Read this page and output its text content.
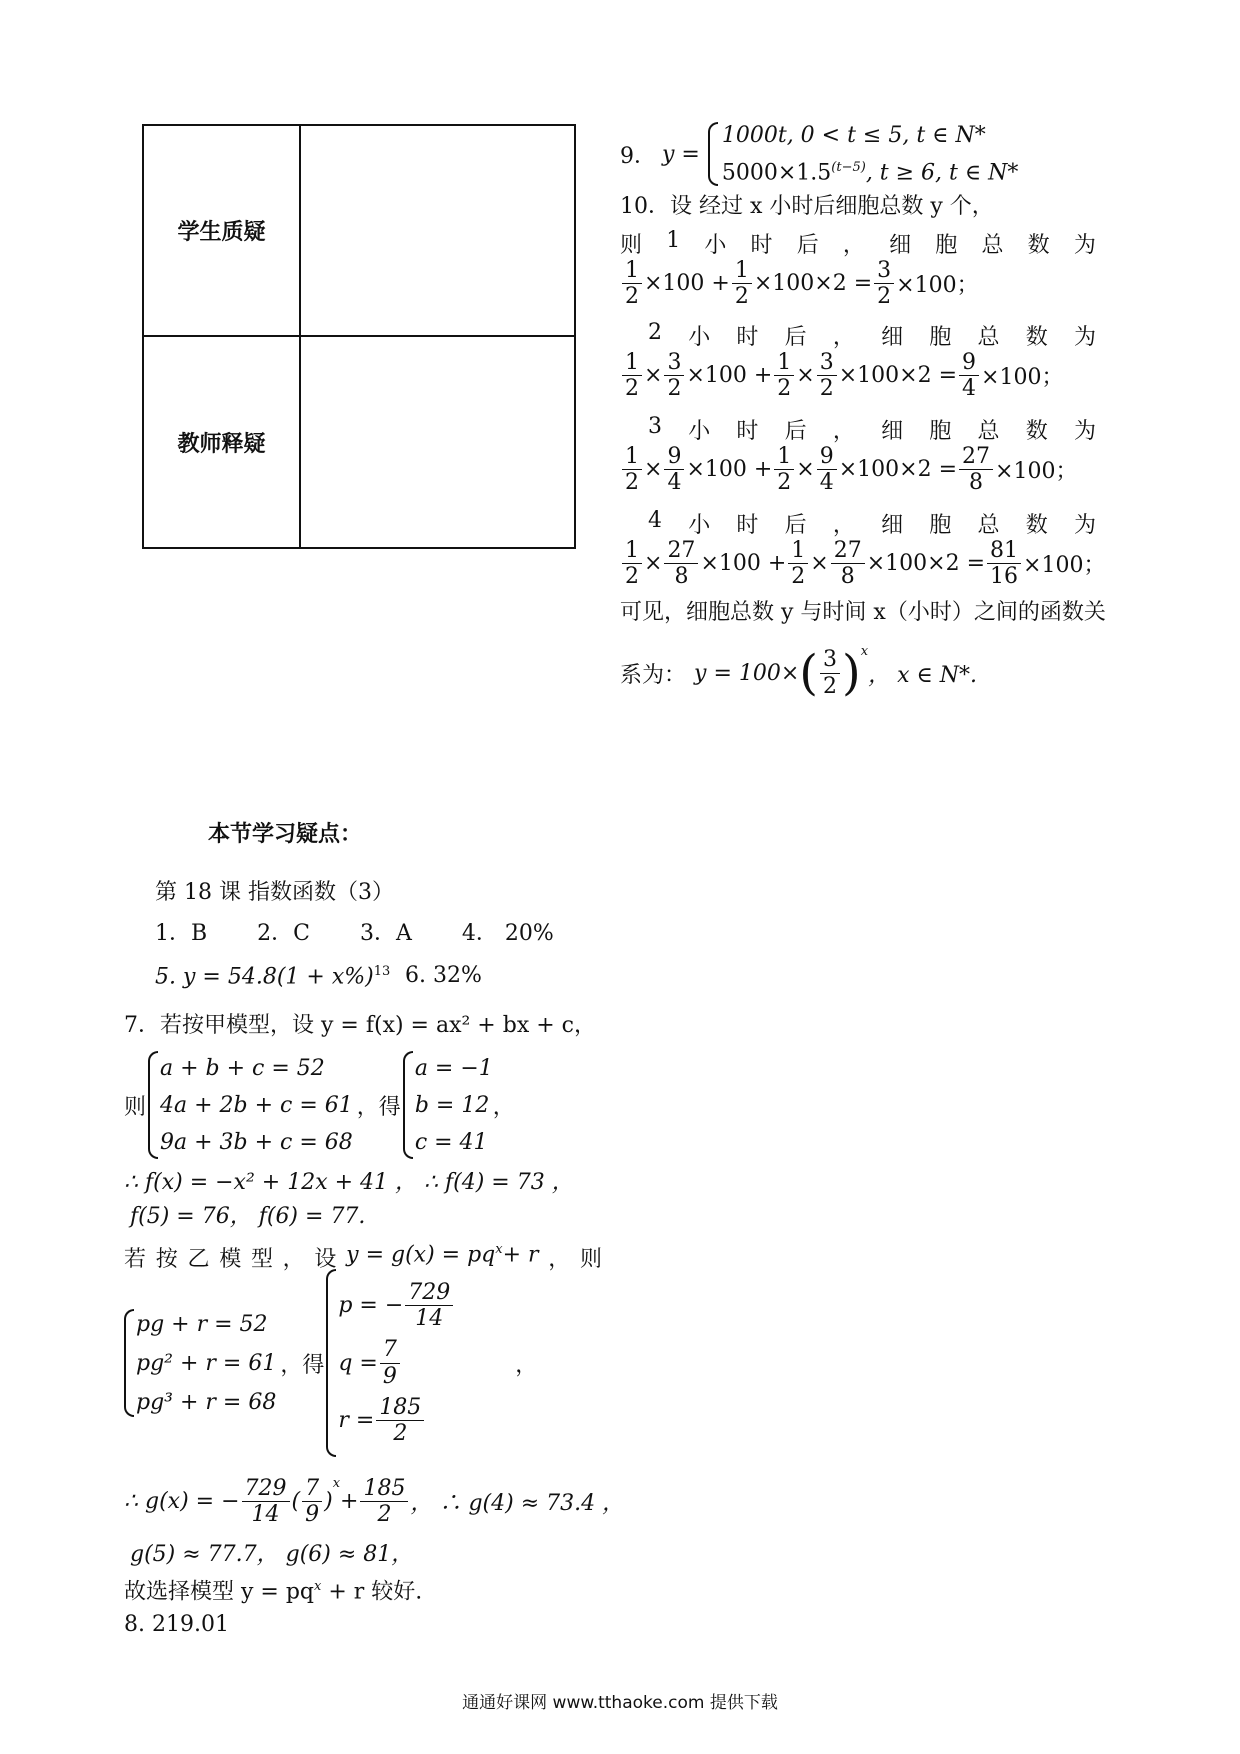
学生质疑	
教师释疑	
9． y =
1000t, 0 < t ≤ 5, t ∈ N*
$5000\times 1.5^{(t-5)}$, t ≥ 6, t ∈ N*
10．设 经过 x 小时后细胞总数 y 个，
则 1 小 时 后 ， 细 胞 总 数 为
$\frac{1}{2} \times 100 + \frac{1}{2} \times 100\times 2 = \frac{3}{2} \times 100$；
2 小 时 后 ， 细 胞 总 数 为
$\frac{1}{2} \times \frac{3}{2} \times 100 + \frac{1}{2} \times \frac{3}{2} \times 100\times 2 = \frac{9}{4} \times 100$；
3 小 时 后 ， 细 胞 总 数 为
$\frac{1}{2} \times \frac{9}{4} \times 100 + \frac{1}{2} \times \frac{9}{4} \times 100\times 2 = \frac{27}{8} \times 100$；
4 小 时 后 ， 细 胞 总 数 为
$\frac{1}{2} \times \frac{27}{8} \times 100 + \frac{1}{2} \times \frac{27}{8} \times 100\times 2 = \frac{81}{16} \times 100$；
可见，细胞总数 y 与时间 x（小时）之间的函数关
系为： y = 100× ( $\frac{3}{2} )^x$
， x ∈ N*.
本节学习疑点：
第 18 课 指数函数（3）
1．B 2．C 3．A 4． 20%
5. $y = 54.8(1 + x\%)^{13}$ 6. 32%
7．若按甲模型，设 y = f(x) = ax² + bx + c，
则
a + b + c = 52
4a + 2b + c = 61
9a + 3b + c = 68
，得
a = −1
b = 12
c = 41
，
∴ f(x) = −x² + 12x + 41 ， ∴ f(4) = 73 ，
f(5) = 76， f(6) = 77.
若 按 乙 模 型 ， 设 $y = g(x) = pq^x+ r$ ， 则
pg + r = 52
pg² + r = 61
pg³ + r = 68
，得
p = − $\frac{729}{14}$
$q = \frac{7}{9}$
$r = \frac{185}{2}$
，
∴ g(x) = − $\frac{729}{14}$ ( $\frac{7}{9}$ )
$^x$
+ $\frac{185}{2}$ ， ∴ g(4) ≈ 73.4 ，
g(5) ≈ 77.7， g(6) ≈ 81，
故选择模型 $y = pq^x + r$ 较好.
8. 219.01
通通好课网 www.tthaoke.com 提供下载
